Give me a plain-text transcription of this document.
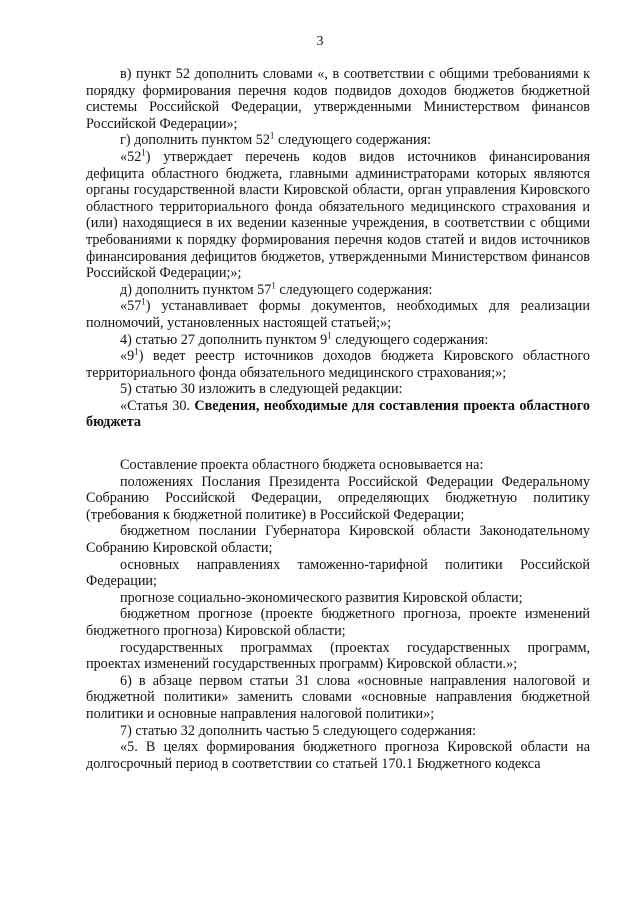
3

в) пункт 52 дополнить словами «, в соответствии с общими требованиями к порядку формирования перечня кодов подвидов доходов бюджетов бюджетной системы Российской Федерации, утвержденными Министерством финансов Российской Федерации»;

г) дополнить пунктом $52^1$ следующего содержания:

«$52^1$) утверждает перечень кодов видов источников финансирования дефицита областного бюджета, главными администраторами которых являются органы государственной власти Кировской области, орган управления Кировского областного территориального фонда обязательного медицинского страхования и (или) находящиеся в их ведении казенные учреждения, в соответствии с общими требованиями к порядку формирования перечня кодов статей и видов источников финансирования дефицитов бюджетов, утвержденными Министерством финансов Российской Федерации;»;

д) дополнить пунктом $57^1$ следующего содержания:

«$57^1$) устанавливает формы документов, необходимых для реализации полномочий, установленных настоящей статьей;»;

4) статью 27 дополнить пунктом $9^1$ следующего содержания:

«$9^1$) ведет реестр источников доходов бюджета Кировского областного территориального фонда обязательного медицинского страхования;»;

5) статью 30 изложить в следующей редакции:

«Статья 30. Сведения, необходимые для составления проекта областного бюджета

Составление проекта областного бюджета основывается на:

положениях Послания Президента Российской Федерации Федеральному Собранию Российской Федерации, определяющих бюджетную политику (требования к бюджетной политике) в Российской Федерации;

бюджетном послании Губернатора Кировской области Законодательному Собранию Кировской области;

основных направлениях таможенно-тарифной политики Российской Федерации;

прогнозе социально-экономического развития Кировской области;

бюджетном прогнозе (проекте бюджетного прогноза, проекте изменений бюджетного прогноза) Кировской области;

государственных программах (проектах государственных программ, проектах изменений государственных программ) Кировской области.»;

6) в абзаце первом статьи 31 слова «основные направления налоговой и бюджетной политики» заменить словами «основные направления бюджетной политики и основные направления налоговой политики»;

7) статью 32 дополнить частью 5 следующего содержания:

«5. В целях формирования бюджетного прогноза Кировской области на долгосрочный период в соответствии со статьей 170.1 Бюджетного кодекса
